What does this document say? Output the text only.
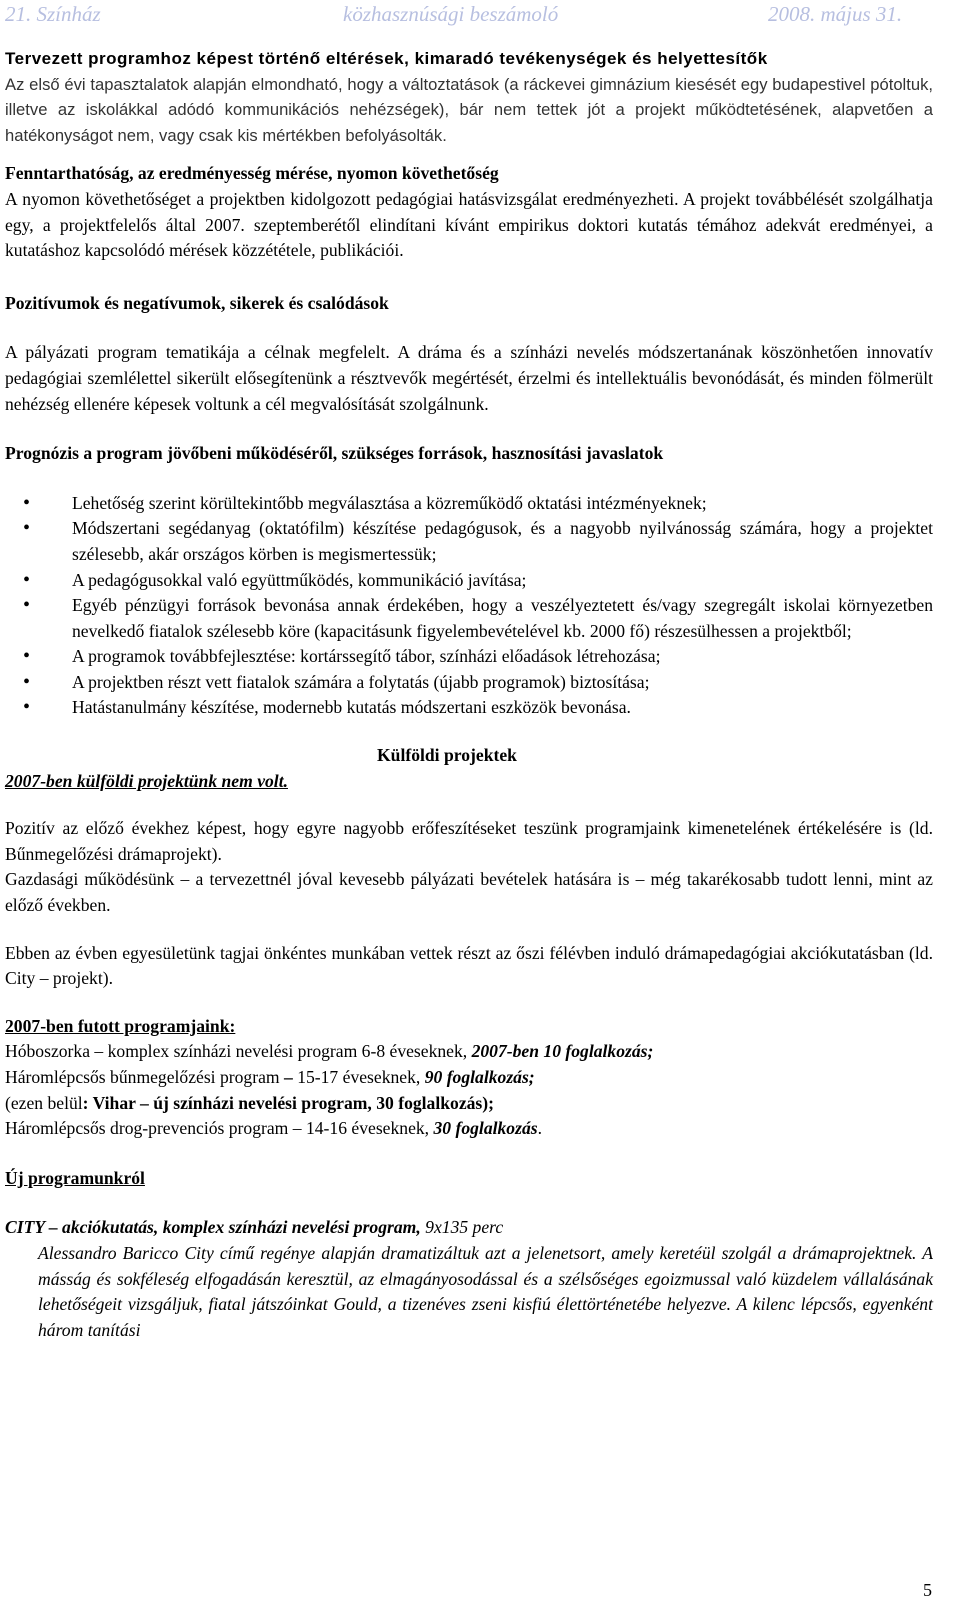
21. Színház	közhasznúsági beszámoló	2008. május 31.

Tervezett programhoz képest történő eltérések, kimaradó tevékenységek és helyettesítők

Az első évi tapasztalatok alapján elmondható, hogy a változtatások (a ráckevei gimnázium kiesését egy budapestivel pótoltuk, illetve az iskolákkal adódó kommunikációs nehézségek), bár nem tettek jót a projekt működtetésének, alapvetően a hatékonyságot nem, vagy csak kis mértékben befolyásolták.

Fenntarthatóság, az eredményesség mérése, nyomon követhetőség

A nyomon követhetőséget a projektben kidolgozott pedagógiai hatásvizsgálat eredményezheti. A projekt továbbélését szolgálhatja egy, a projektfelelős által 2007. szeptemberétől elindítani kívánt empirikus doktori kutatás témához adekvát eredményei, a kutatáshoz kapcsolódó mérések közzététele, publikációi.

Pozitívumok és negatívumok, sikerek és csalódások

A pályázati program tematikája a célnak megfelelt. A dráma és a színházi nevelés módszertanának köszönhetően innovatív pedagógiai szemlélettel sikerült elősegítenünk a résztvevők megértését, érzelmi és intellektuális bevonódását, és minden fölmerült nehézség ellenére képesek voltunk a cél megvalósítását szolgálnunk.

Prognózis a program jövőbeni működéséről, szükséges források, hasznosítási javaslatok

• Lehetőség szerint körültekintőbb megválasztása a közreműködő oktatási intézményeknek;
• Módszertani segédanyag (oktatófilm) készítése pedagógusok, és a nagyobb nyilvánosság számára, hogy a projektet szélesebb, akár országos körben is megismertessük;
• A pedagógusokkal való együttműködés, kommunikáció javítása;
• Egyéb pénzügyi források bevonása annak érdekében, hogy a veszélyeztetett és/vagy szegregált iskolai környezetben nevelkedő fiatalok szélesebb köre (kapacitásunk figyelembevételével kb. 2000 fő) részesülhessen a projektből;
• A programok továbbfejlesztése: kortárssegítő tábor, színházi előadások létrehozása;
• A projektben részt vett fiatalok számára a folytatás (újabb programok) biztosítása;
• Hatástanulmány készítése, modernebb kutatás módszertani eszközök bevonása.

Külföldi projektek

2007-ben külföldi projektünk nem volt.

Pozitív az előző évekhez képest, hogy egyre nagyobb erőfeszítéseket teszünk programjaink kimenetelének értékelésére is (ld. Bűnmegelőzési drámaprojekt).

Gazdasági működésünk – a tervezettnél jóval kevesebb pályázati bevételek hatására is – még takarékosabb tudott lenni, mint az előző években.

Ebben az évben egyesületünk tagjai önkéntes munkában vettek részt az őszi félévben induló drámapedagógiai akciókutatásban (ld. City – projekt).

2007-ben futott programjaink:

Hóboszorka – komplex színházi nevelési program 6-8 éveseknek, 2007-ben 10 foglalkozás;

Háromlépcsős bűnmegelőzési program – 15-17 éveseknek, 90 foglalkozás;

(ezen belül: Vihar – új színházi nevelési program, 30 foglalkozás);

Háromlépcsős drog-prevenciós program – 14-16 éveseknek, 30 foglalkozás.

Új programunkról

CITY – akciókutatás, komplex színházi nevelési program, 9x135 perc

Alessandro Baricco City című regénye alapján dramatizáltuk azt a jelenetsort, amely keretéül szolgál a drámaprojektnek. A másság és sokféleség elfogadásán keresztül, az elmagányosodással és a szélsőséges egoizmussal való küzdelem vállalásának lehetőségeit vizsgáljuk, fiatal játszóinkat Gould, a tizenéves zseni kisfiú élettörténetébe helyezve. A kilenc lépcsős, egyenként három tanítási

5
